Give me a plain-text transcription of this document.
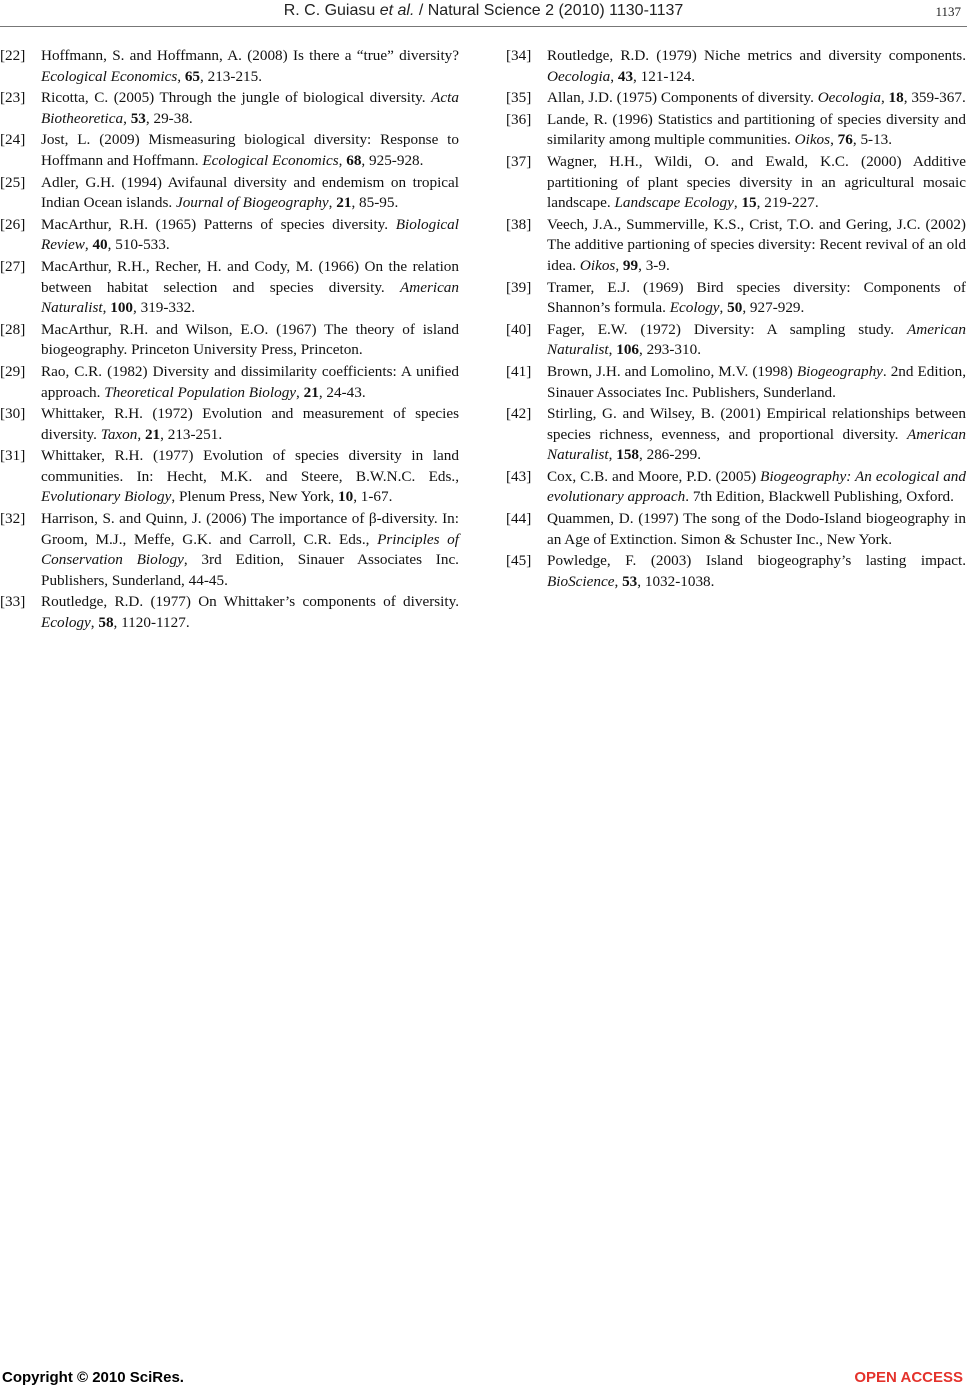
R. C. Guiasu et al. / Natural Science 2 (2010) 1130-1137	1137
[22] Hoffmann, S. and Hoffmann, A. (2008) Is there a “true” diversity? Ecological Economics, 65, 213-215.
[23] Ricotta, C. (2005) Through the jungle of biological diversity. Acta Biotheoretica, 53, 29-38.
[24] Jost, L. (2009) Mismeasuring biological diversity: Response to Hoffmann and Hoffmann. Ecological Economics, 68, 925-928.
[25] Adler, G.H. (1994) Avifaunal diversity and endemism on tropical Indian Ocean islands. Journal of Biogeography, 21, 85-95.
[26] MacArthur, R.H. (1965) Patterns of species diversity. Biological Review, 40, 510-533.
[27] MacArthur, R.H., Recher, H. and Cody, M. (1966) On the relation between habitat selection and species diversity. American Naturalist, 100, 319-332.
[28] MacArthur, R.H. and Wilson, E.O. (1967) The theory of island biogeography. Princeton University Press, Princeton.
[29] Rao, C.R. (1982) Diversity and dissimilarity coefficients: A unified approach. Theoretical Population Biology, 21, 24-43.
[30] Whittaker, R.H. (1972) Evolution and measurement of species diversity. Taxon, 21, 213-251.
[31] Whittaker, R.H. (1977) Evolution of species diversity in land communities. In: Hecht, M.K. and Steere, B.W.N.C. Eds., Evolutionary Biology, Plenum Press, New York, 10, 1-67.
[32] Harrison, S. and Quinn, J. (2006) The importance of β-diversity. In: Groom, M.J., Meffe, G.K. and Carroll, C.R. Eds., Principles of Conservation Biology, 3rd Edition, Sinauer Associates Inc. Publishers, Sunderland, 44-45.
[33] Routledge, R.D. (1977) On Whittaker’s components of diversity. Ecology, 58, 1120-1127.
[34] Routledge, R.D. (1979) Niche metrics and diversity components. Oecologia, 43, 121-124.
[35] Allan, J.D. (1975) Components of diversity. Oecologia, 18, 359-367.
[36] Lande, R. (1996) Statistics and partitioning of species diversity and similarity among multiple communities. Oikos, 76, 5-13.
[37] Wagner, H.H., Wildi, O. and Ewald, K.C. (2000) Additive partitioning of plant species diversity in an agricultural mosaic landscape. Landscape Ecology, 15, 219-227.
[38] Veech, J.A., Summerville, K.S., Crist, T.O. and Gering, J.C. (2002) The additive partioning of species diversity: Recent revival of an old idea. Oikos, 99, 3-9.
[39] Tramer, E.J. (1969) Bird species diversity: Components of Shannon’s formula. Ecology, 50, 927-929.
[40] Fager, E.W. (1972) Diversity: A sampling study. American Naturalist, 106, 293-310.
[41] Brown, J.H. and Lomolino, M.V. (1998) Biogeography. 2nd Edition, Sinauer Associates Inc. Publishers, Sunderland.
[42] Stirling, G. and Wilsey, B. (2001) Empirical relationships between species richness, evenness, and proportional diversity. American Naturalist, 158, 286-299.
[43] Cox, C.B. and Moore, P.D. (2005) Biogeography: An ecological and evolutionary approach. 7th Edition, Blackwell Publishing, Oxford.
[44] Quammen, D. (1997) The song of the Dodo-Island biogeography in an Age of Extinction. Simon & Schuster Inc., New York.
[45] Powledge, F. (2003) Island biogeography’s lasting impact. BioScience, 53, 1032-1038.
Copyright © 2010 SciRes.	OPEN ACCESS
